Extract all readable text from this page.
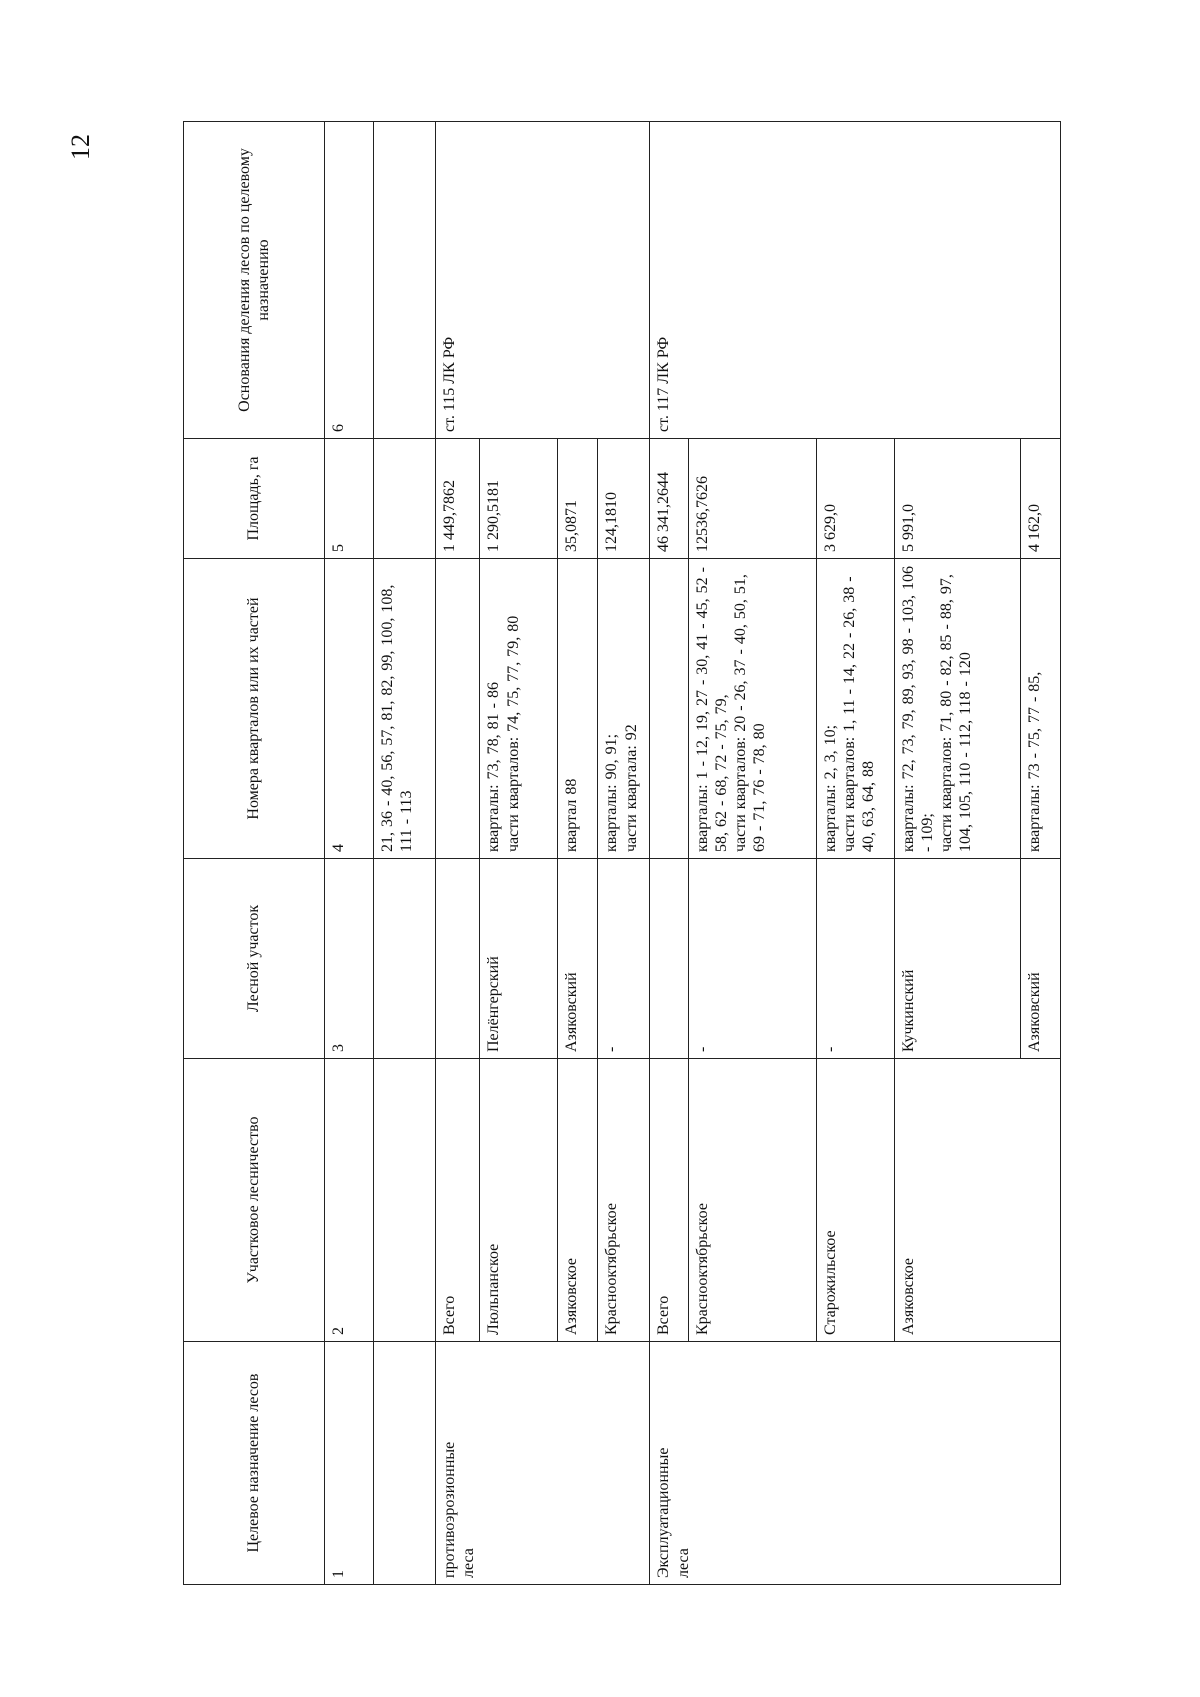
12
Целевое назначение лесов	Участковое лесничество	Лесной участок	Номера кварталов или их частей	Площадь, га	Основания деления лесов по целевому назначению
1	2	3	4	5	6
			21, 36 - 40, 56, 57, 81, 82, 99, 100, 108, 111 - 113		

противоэрозионные леса	Всего			1 449,7862	ст. 115 ЛК РФ
	Люльпанское	Пелёнгерский	кварталы: 73, 78, 81 - 86 части кварталов: 74, 75, 77, 79, 80	1 290,5181	
	Азяковское	Азяковский	квартал 88	35,0871	
	Краснооктябрьское	-	кварталы: 90, 91; части квартала: 92	124,1810	

Эксплуатационные леса	Всего			46 341,2644	ст. 117 ЛК РФ
	Краснооктябрьское	-	кварталы: 1 - 12, 19, 27 - 30, 41 - 45, 52 - 58, 62 - 68, 72 - 75, 79, части кварталов: 20 - 26, 37 - 40, 50, 51, 69 - 71, 76 - 78, 80	12536,7626	
	Старожильское	-	кварталы: 2, 3, 10; части кварталов: 1, 11 - 14, 22 - 26, 38 - 40, 63, 64, 88	3 629,0	
	Азяковское	Кучкинский	кварталы: 72, 73, 79, 89, 93, 98 - 103, 106 - 109; части кварталов: 71, 80 - 82, 85 - 88, 97, 104, 105, 110 - 112, 118 - 120	5 991,0	
		Азяковский	кварталы: 73 - 75, 77 - 85,	4 162,0	
